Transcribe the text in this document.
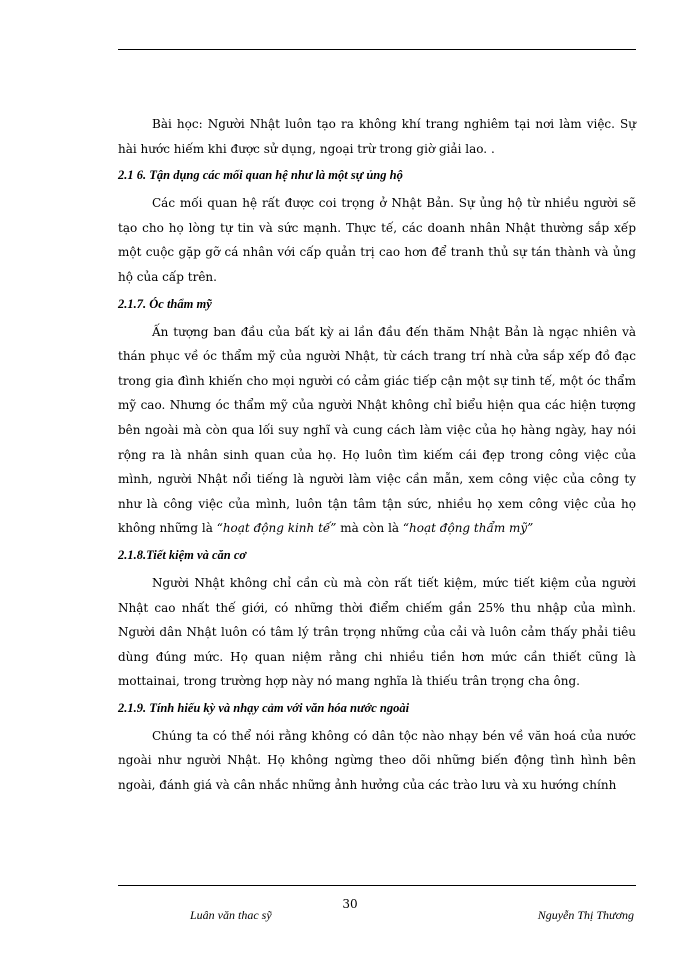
Bài học: Người Nhật luôn tạo ra không khí trang nghiêm tại nơi làm việc. Sự hài hước hiếm khi được sử dụng, ngoại trừ trong giờ giải lao. .

2.1 6. Tận dụng các mối quan hệ như là một sự ủng hộ

Các mối quan hệ rất được coi trọng ở Nhật Bản. Sự ủng hộ từ nhiều người sẽ tạo cho họ lòng tự tin và sức mạnh. Thực tế, các doanh nhân Nhật thường sắp xếp một cuộc gặp gỡ cá nhân với cấp quản trị cao hơn để tranh thủ sự tán thành và ủng hộ của cấp trên.

2.1.7. Óc thẩm mỹ

Ấn tượng ban đầu của bất kỳ ai lần đầu đến thăm Nhật Bản là ngạc nhiên và thán phục về óc thẩm mỹ của người Nhật, từ cách trang trí nhà cửa sắp xếp đồ đạc trong gia đình khiến cho mọi người có cảm giác tiếp cận một sự tinh tế, một óc thẩm mỹ cao. Nhưng óc thẩm mỹ của người Nhật không chỉ biểu hiện qua các hiện tượng bên ngoài mà còn qua lối suy nghĩ và cung cách làm việc của họ hàng ngày, hay nói rộng ra là nhân sinh quan của họ. Họ luôn tìm kiếm cái đẹp trong công việc của mình, người Nhật nổi tiếng là người làm việc cần mẫn, xem công việc của công ty như là công việc của mình, luôn tận tâm tận sức, nhiều họ xem công việc của họ không những là “hoạt động kinh tế” mà còn là “hoạt động thẩm mỹ”

2.1.8.Tiết kiệm và căn cơ

Người Nhật không chỉ cần cù mà còn rất tiết kiệm, mức tiết kiệm của người Nhật cao nhất thế giới, có những thời điểm chiếm gần 25% thu nhập của mình. Người dân Nhật luôn có tâm lý trân trọng những của cải và luôn cảm thấy phải tiêu dùng đúng mức. Họ quan niệm rằng chi nhiều tiền hơn mức cần thiết cũng là mottainai, trong trường hợp này nó mang nghĩa là thiếu trân trọng cha ông.

2.1.9. Tính hiếu kỳ và nhạy cảm với văn hóa nước ngoài

Chúng ta có thể nói rằng không có dân tộc nào nhạy bén về văn hoá của nước ngoài như người Nhật. Họ không ngừng theo dõi những biến động tình hình bên ngoài, đánh giá và cân nhắc những ảnh hưởng của các trào lưu và xu hướng chính

30
Luân văn thac sỹ	Nguyễn Thị Thương
